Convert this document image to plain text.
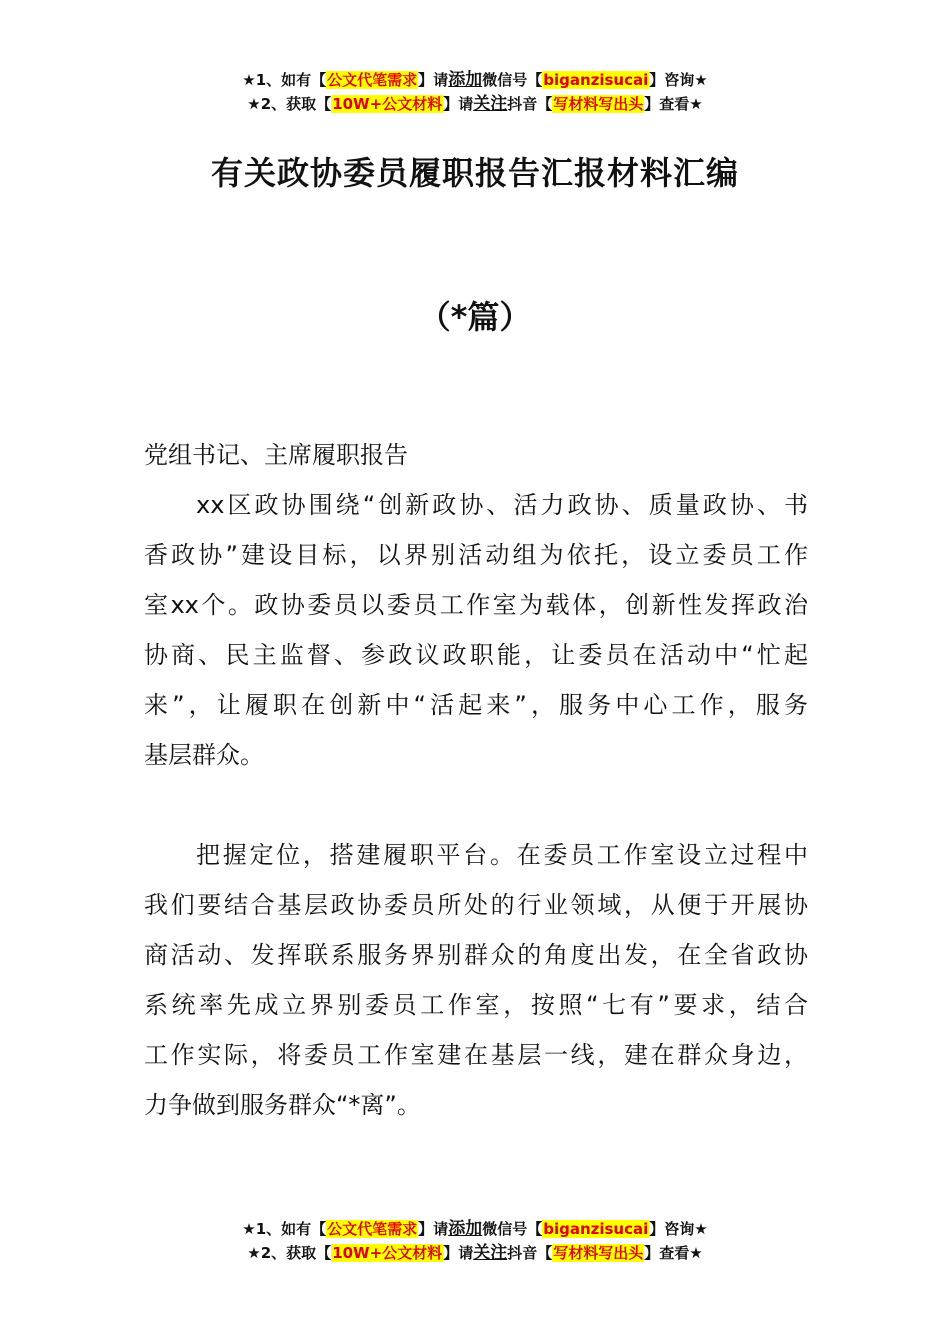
★1、如有【公文代笔需求】请添加微信号【biganzisucai】咨询★
★2、获取【10W+公文材料】请关注抖音【写材料写出头】查看★
有关政协委员履职报告汇报材料汇编
（*篇）
党组书记、主席履职报告
xx区政协围绕“创新政协、活力政协、质量政协、书
香政协”建设目标，以界别活动组为依托，设立委员工作
室xx个。政协委员以委员工作室为载体，创新性发挥政治
协商、民主监督、参政议政职能，让委员在活动中“忙起
来”，让履职在创新中“活起来”，服务中心工作，服务
基层群众。
把握定位，搭建履职平台。在委员工作室设立过程中
我们要结合基层政协委员所处的行业领域，从便于开展协
商活动、发挥联系服务界别群众的角度出发，在全省政协
系统率先成立界别委员工作室，按照“七有”要求，结合
工作实际，将委员工作室建在基层一线，建在群众身边，
力争做到服务群众“*离”。
★1、如有【公文代笔需求】请添加微信号【biganzisucai】咨询★
★2、获取【10W+公文材料】请关注抖音【写材料写出头】查看★
